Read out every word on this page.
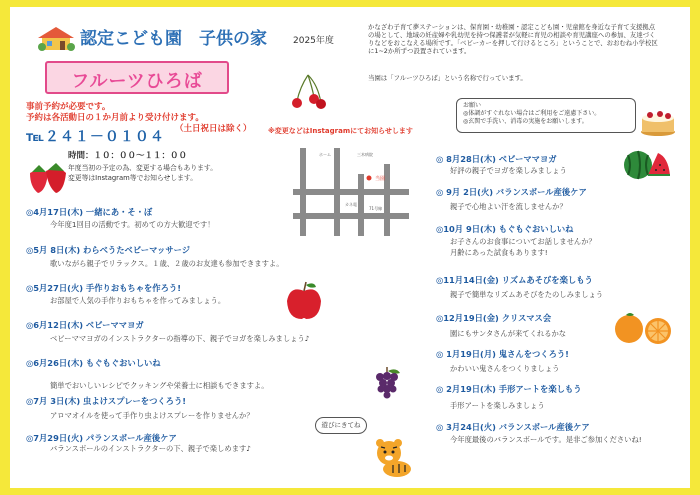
認定こども園　子供の家	2025年度
かなざわ子育て夢ステーションは、保育園・幼稚園・認定こども園・児童館を身近な子育て支援拠点の場として、地域の妊産婦や乳幼児を持つ保護者が気軽に育児の相談や育児講座への参加、友達づくりなどをおこなえる場所です。「ベビーカーを押して行けるところ」ということで、おおむね小学校区に1~2か所ずつ設置されています。
当園は「フルーツひろば」という名称で行っています。
フルーツひろば
お願い
◎体調がすぐれない場合はご利用をご遠慮下さい。
◎玄関で手洗い、消毒の実施をお願いします。
事前予約が必要です。
予約は各活動日の１か月前より受け付けます。
（土日祝日は除く）
℡２４１－０１０４	※変更などはInstagramにてお知らせします
時間：１０：００～１１：００
年度当初の予定の為、変更する場合もあります。
変更等はInstagram等でお知らせします。
ホーム	三木病院
カネ電
71号線
当園
◎4月17日(木) 一緒にあ・そ・ぼ
今年度1回目の活動です。初めての方大歓迎です！
◎5月 8日(木) わらべうたベビーマッサージ
歌いながら親子でリラックス。１歳、２歳のお友達も参加できますよ。
◎5月27日(火) 手作りおもちゃを作ろう!
お部屋で人気の手作りおもちゃを作ってみましょう。
◎6月12日(木) ベビーママヨガ
ベビーママヨガのインストラクターの指導の下、親子でヨガを楽しみましょう♪
◎6月26日(木) もぐもぐおいしいね
簡単でおいしいレシピでクッキングや栄養士に相談もできますよ。
◎7月 3日(木) 虫よけスプレーをつくろう!
アロマオイルを使って手作り虫よけスプレーを作りませんか？
◎7月29日(火) パランスボール産後ケア
バランスボールのインストラクターの下、親子で楽しめます♪
遊びにきてね
◎ 8月28日(木) ベビーママヨガ
好評の親子でヨガを楽しみましょう
◎ 9月 2日(火) バランスボール産後ケア
親子で心地よい汗を流しませんか？
◎10月 9日(木) もぐもぐおいしいね
お子さんのお食事についてお話しませんか？
月齢にあった試食もあります!
◎11月14日(金) リズムあそびを楽しもう
親子で簡単なリズムあそびをたのしみましょう
◎12月19日(金) クリスマス会
園にもサンタさんが来てくれるかな
◎ 1月19日(月) 鬼さんをつくろう!
かわいい鬼さんをつくりましょう
◎ 2月19日(木) 手形アートを楽しもう
手形アートを楽しみましょう
◎ 3月24日(火) バランスボール産後ケア
今年度最後のバランスボールです。是非ご参加くださいね!
